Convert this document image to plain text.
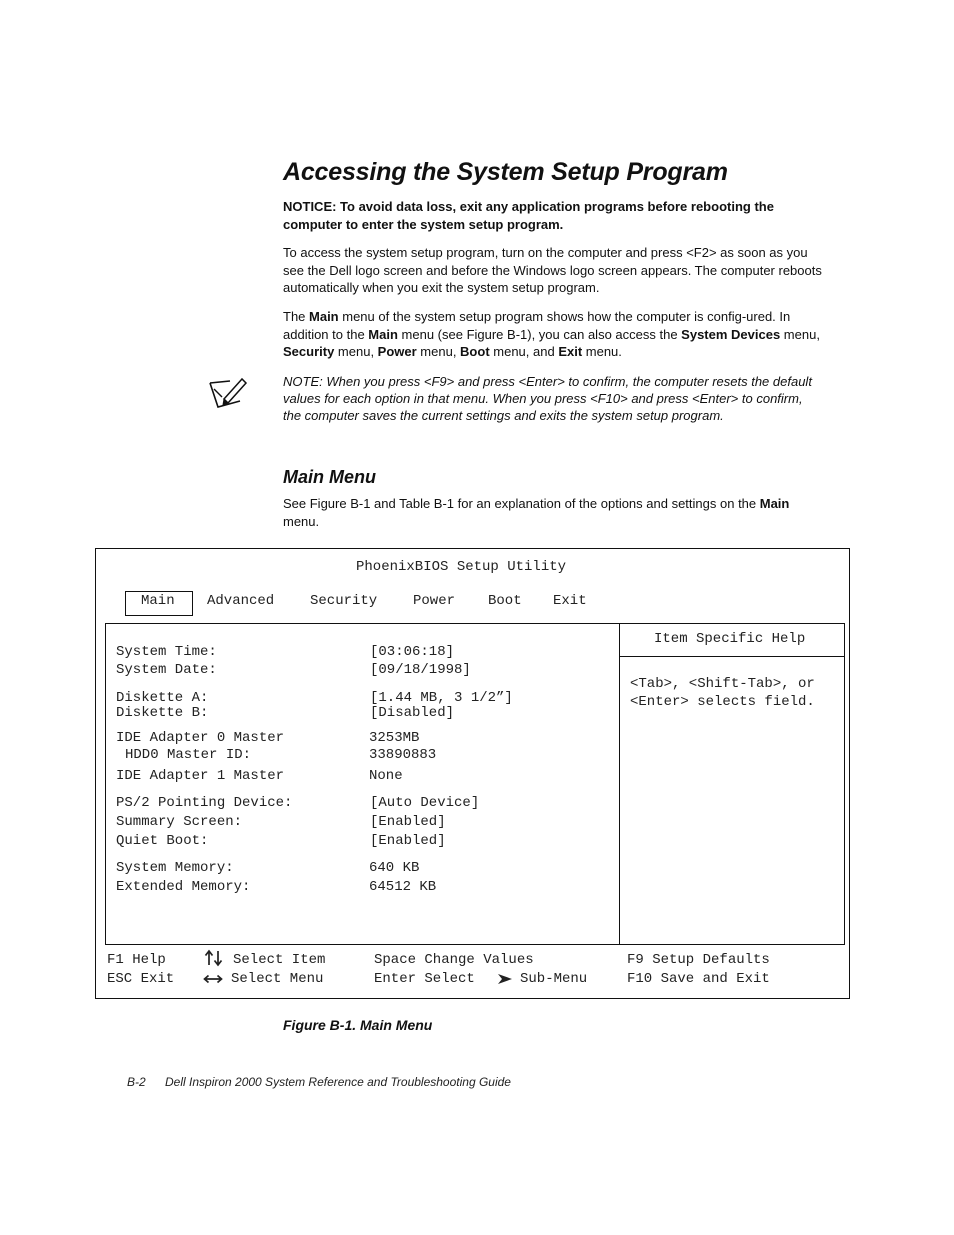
Accessing the System Setup Program

NOTICE: To avoid data loss, exit any application programs before rebooting the computer to enter the system setup program.

To access the system setup program, turn on the computer and press <F2> as soon as you see the Dell logo screen and before the Windows logo screen appears. The computer reboots automatically when you exit the system setup program.

The Main menu of the system setup program shows how the computer is config-ured. In addition to the Main menu (see Figure B-1), you can also access the System Devices menu, Security menu, Power menu, Boot menu, and Exit menu.

NOTE: When you press <F9> and press <Enter> to confirm, the computer resets the default values for each option in that menu. When you press <F10> and press <Enter> to confirm, the computer saves the current settings and exits the system setup program.

Main Menu

See Figure B-1 and Table B-1 for an explanation of the options and settings on the Main menu.

PhoenixBIOS Setup Utility
Main Advanced	Security	Power Boot Exit
System Time:	[03:06:18]
System Date:	[09/18/1998]
Diskette A:	[1.44 MB, 3 1/2”]
Diskette B:	[Disabled]
IDE Adapter 0 Master	3253MB
HDD0 Master ID:	33890883
IDE Adapter 1 Master	None
PS/2 Pointing Device:	[Auto Device]
Summary Screen:	[Enabled]
Quiet Boot:	[Enabled]
System Memory:	640 KB
Extended Memory:	64512 KB
Item Specific Help
<Tab>, <Shift-Tab>, or
<Enter> selects field.
F1 Help	Select Item	Space Change Values	F9 Setup Defaults
ESC Exit	Select Menu	Enter Select	Sub-Menu	F10 Save and Exit

Figure B-1. Main Menu

B-2 Dell Inspiron 2000 System Reference and Troubleshooting Guide
